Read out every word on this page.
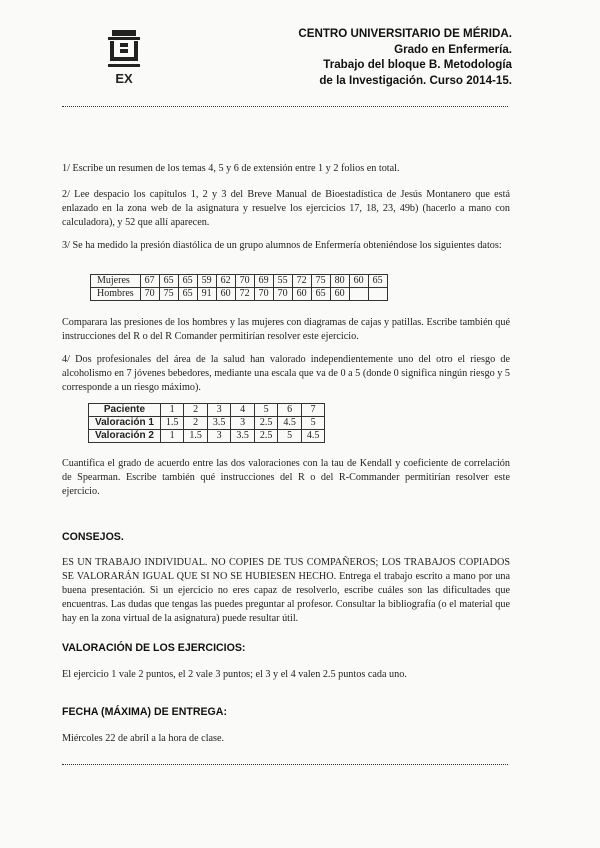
EX
CENTRO UNIVERSITARIO DE MÉRIDA.
Grado en Enfermería.
Trabajo del bloque B. Metodología
de la Investigación. Curso 2014-15.

1/ Escribe un resumen de los temas 4, 5 y 6 de extensión entre 1 y 2 folios en total.

2/ Lee despacio los capítulos 1, 2 y 3 del Breve Manual de Bioestadística de Jesús Montanero que está enlazado en la zona web de la asignatura y resuelve los ejercicios 17, 18, 23, 49b) (hacerlo a mano con calculadora), y 52 que allí aparecen.

3/ Se ha medido la presión diastólica de un grupo alumnos de Enfermería obteniéndose los siguientes datos:

Mujeres	67	65	65	59	62	70	69	55	72	75	80	60	65
Hombres	70	75	65	91	60	72	70	70	60	65	60		

Comparara las presiones de los hombres y las mujeres con diagramas de cajas y patillas. Escribe también qué instrucciones del R o del R Comander permitirían resolver este ejercicio.

4/ Dos profesionales del área de la salud han valorado independientemente uno del otro el riesgo de alcoholismo en 7 jóvenes bebedores, mediante una escala que va de 0 a 5 (donde 0 significa ningún riesgo y 5 corresponde a un riesgo máximo).

Paciente	1	2	3	4	5	6	7
Valoración 1	1.5	2	3.5	3	2.5	4.5	5
Valoración 2	1	1.5	3	3.5	2.5	5	4.5

Cuantifica el grado de acuerdo entre las dos valoraciones con la tau de Kendall y coeficiente de correlación de Spearman. Escribe también qué instrucciones del R o del R-Commander permitirían resolver este ejercicio.

CONSEJOS.

ES UN TRABAJO INDIVIDUAL. NO COPIES DE TUS COMPAÑEROS; LOS TRABAJOS COPIADOS SE VALORARÁN IGUAL QUE SI NO SE HUBIESEN HECHO. Entrega el trabajo escrito a mano por una buena presentación. Si un ejercicio no eres capaz de resolverlo, escribe cuáles son las dificultades que encuentras. Las dudas que tengas las puedes preguntar al profesor. Consultar la bibliografía (o el material que hay en la zona virtual de la asignatura) puede resultar útil.

VALORACIÓN DE LOS EJERCICIOS:

El ejercicio 1 vale 2 puntos, el 2 vale 3 puntos; el 3 y el 4 valen 2.5 puntos cada uno.

FECHA (MÁXIMA) DE ENTREGA:

Miércoles 22 de abril a la hora de clase.
